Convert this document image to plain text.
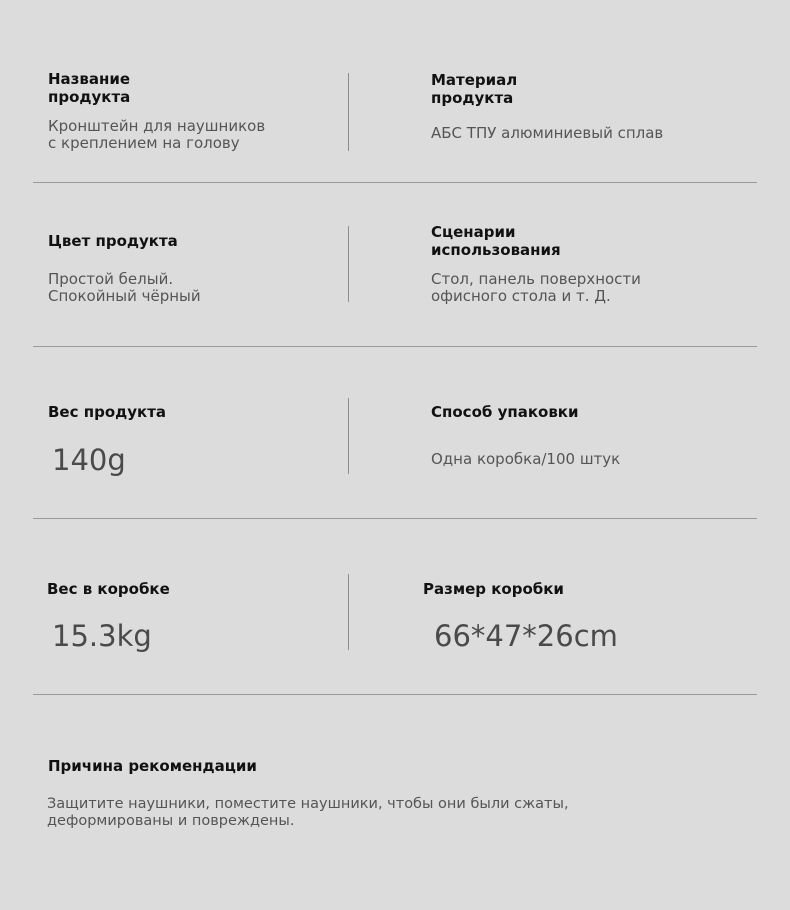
Название
продукта
Кронштейн для наушников
с креплением на голову
Материал
продукта
АБС ТПУ алюминиевый сплав
Цвет продукта
Простой белый.
Спокойный чёрный
Сценарии
использования
Стол, панель поверхности
офисного стола и т. Д.
Вес продукта
140g
Способ упаковки
Одна коробка/100 штук
Вес в коробке
15.3kg
Размер коробки
66*47*26cm
Причина рекомендации
Защитите наушники, поместите наушники, чтобы они были сжаты,
деформированы и повреждены.
